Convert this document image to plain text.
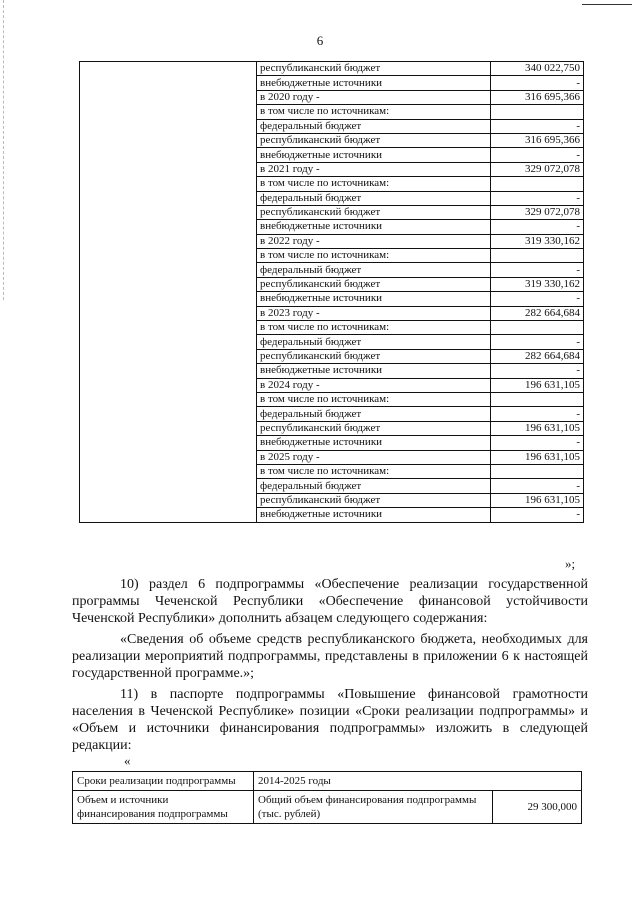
6
	республиканский бюджет	340 022,750
	внебюджетные источники	-
	в 2020 году -	316 695,366
	в том числе по источникам:	
	федеральный бюджет	-
	республиканский бюджет	316 695,366
	внебюджетные источники	-
	в 2021 году -	329 072,078
	в том числе по источникам:	
	федеральный бюджет	-
	республиканский бюджет	329 072,078
	внебюджетные источники	-
	в 2022 году -	319 330,162
	в том числе по источникам:	
	федеральный бюджет	-
	республиканский бюджет	319 330,162
	внебюджетные источники	-
	в 2023 году -	282 664,684
	в том числе по источникам:	
	федеральный бюджет	-
	республиканский бюджет	282 664,684
	внебюджетные источники	-
	в 2024 году -	196 631,105
	в том числе по источникам:	
	федеральный бюджет	-
	республиканский бюджет	196 631,105
	внебюджетные источники	-
	в 2025 году -	196 631,105
	в том числе по источникам:	
	федеральный бюджет	-
	республиканский бюджет	196 631,105
	внебюджетные источники	-
»;

10) раздел 6 подпрограммы «Обеспечение реализации государственной программы Чеченской Республики «Обеспечение финансовой устойчивости Чеченской Республики» дополнить абзацем следующего содержания:

«Сведения об объеме средств республиканского бюджета, необходимых для реализации мероприятий подпрограммы, представлены в приложении 6 к настоящей государственной программе.»;

11) в паспорте подпрограммы «Повышение финансовой грамотности населения в Чеченской Республике» позиции «Сроки реализации подпрограммы» и «Объем и источники финансирования подпрограммы» изложить в следующей редакции:

«
Сроки реализации подпрограммы	2014-2025 годы	
Объем и источники финансирования подпрограммы	Общий объем финансирования подпрограммы (тыс. рублей)	29 300,000
